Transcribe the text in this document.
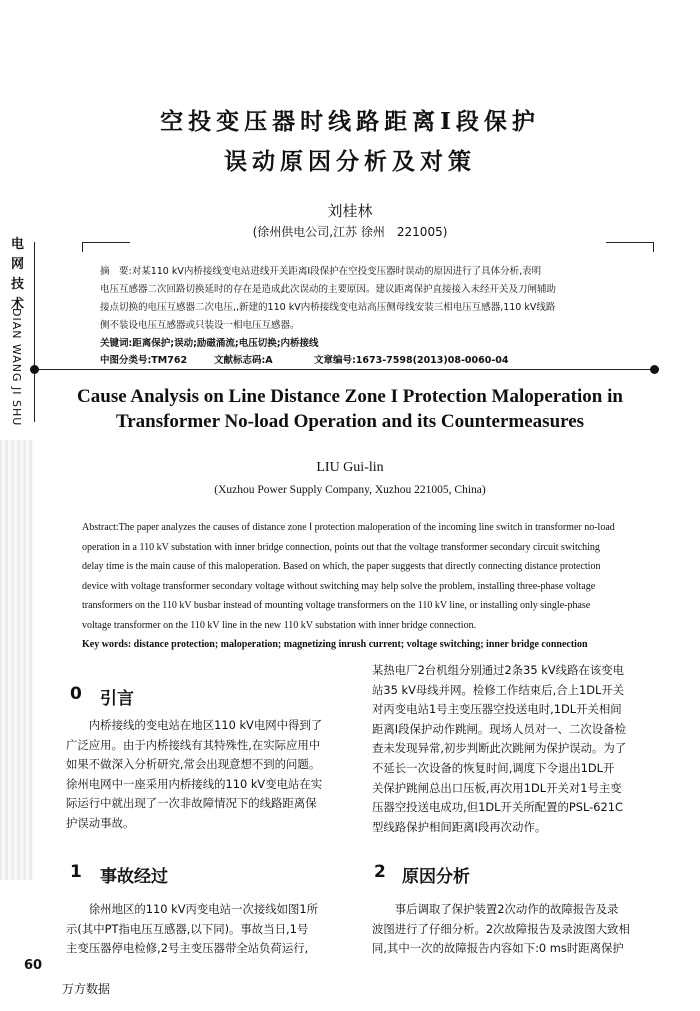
电
网
技
术
DIAN WANG JI SHU
空投变压器时线路距离Ⅰ段保护
误动原因分析及对策
刘桂林
(徐州供电公司,江苏 徐州　221005)
摘　要:对某110 kV内桥接线变电站进线开关距离Ⅰ段保护在空投变压器时误动的原因进行了具体分析,表明
电压互感器二次回路切换延时的存在是造成此次误动的主要原因。建议距离保护直接接入未经开关及刀闸辅助
接点切换的电压互感器二次电压,,新建的110 kV内桥接线变电站高压侧母线安装三相电压互感器,110 kV线路
侧不装设电压互感器或只装设一相电压互感器。
关键词:距离保护;误动;励磁涌流;电压切换;内桥接线
中图分类号:TM762	文献标志码:A	文章编号:1673-7598(2013)08-0060-04
Cause Analysis on Line Distance Zone I Protection Maloperation in
Transformer No-load Operation and its Countermeasures
LIU Gui-lin
(Xuzhou Power Supply Company, Xuzhou 221005, China)
Abstract:The paper analyzes the causes of distance zone Ⅰ protection maloperation of the incoming line switch in transformer no-load
operation in a 110 kV substation with inner bridge connection, points out that the voltage transformer secondary circuit switching
delay time is the main cause of this maloperation. Based on which, the paper suggests that directly connecting distance protection
device with voltage transformer secondary voltage without switching may help solve the problem, installing three-phase voltage
transformers on the 110 kV busbar instead of mounting voltage transformers on the 110 kV line, or installing only single-phase
voltage transformer on the 110 kV line in the new 110 kV substation with inner bridge connection.
Key words: distance protection; maloperation; magnetizing inrush current; voltage switching; inner bridge connection
0 引言
　　内桥接线的变电站在地区110 kV电网中得到了
广泛应用。由于内桥接线有其特殊性,在实际应用中
如果不做深入分析研究,常会出现意想不到的问题。
徐州电网中一座采用内桥接线的110 kV变电站在实
际运行中就出现了一次非故障情况下的线路距离保
护误动事故。
1 事故经过
　　徐州地区的110 kV丙变电站一次接线如图1所
示(其中PT指电压互感器,以下同)。事故当日,1号
主变压器停电检修,2号主变压器带全站负荷运行,
某热电厂2台机组分别通过2条35 kV线路在该变电
站35 kV母线并网。检修工作结束后,合上1DL开关
对丙变电站1号主变压器空投送电时,1DL开关相间
距离Ⅰ段保护动作跳闸。现场人员对一、二次设备检
查未发现异常,初步判断此次跳闸为保护误动。为了
不延长一次设备的恢复时间,调度下令退出1DL开
关保护跳闸总出口压板,再次用1DL开关对1号主变
压器空投送电成功,但1DL开关所配置的PSL-621C
型线路保护相间距离Ⅰ段再次动作。
2 原因分析
　　事后调取了保护装置2次动作的故障报告及录
波图进行了仔细分析。2次故障报告及录波图大致相
同,其中一次的故障报告内容如下:0 ms时距离保护
60
万方数据
